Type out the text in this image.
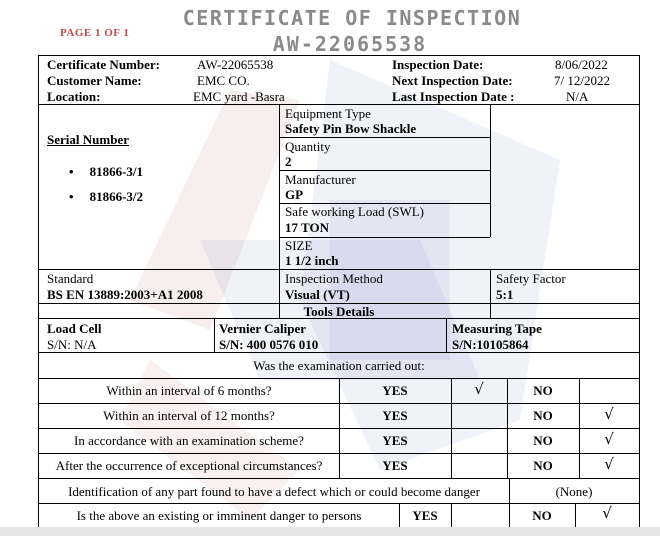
PAGE 1 OF 1
CERTIFICATE OF INSPECTION
AW-22065538
Certificate Number:	AW-22065538
Customer Name:	EMC CO.
Location:	EMC yard -Basra
Inspection Date:	8/06/2022
Next Inspection Date:	7/ 12/2022
Last Inspection Date :	N/A
Serial Number
• 81866-3/1
• 81866-3/2
Equipment Type
Safety Pin Bow Shackle
Quantity
2
Manufacturer
GP
Safe working Load (SWL)
17 TON
SIZE
1 1/2 inch
Standard
BS EN 13889:2003+A1 2008
Inspection Method
Visual (VT)
Safety Factor
5:1
Tools Details
Load Cell
S/N: N/A
Vernier Caliper
S/N: 400 0576 010
Measuring Tape
S/N:10105864
Was the examination carried out:
Within an interval of 6 months?	YES	√	NO
Within an interval of 12 months?	YES	NO	√
In accordance with an examination scheme?	YES	NO	√
After the occurrence of exceptional circumstances?	YES	NO	√
Identification of any part found to have a defect which or could become danger	(None)
Is the above an existing or imminent danger to persons	YES	NO	√
